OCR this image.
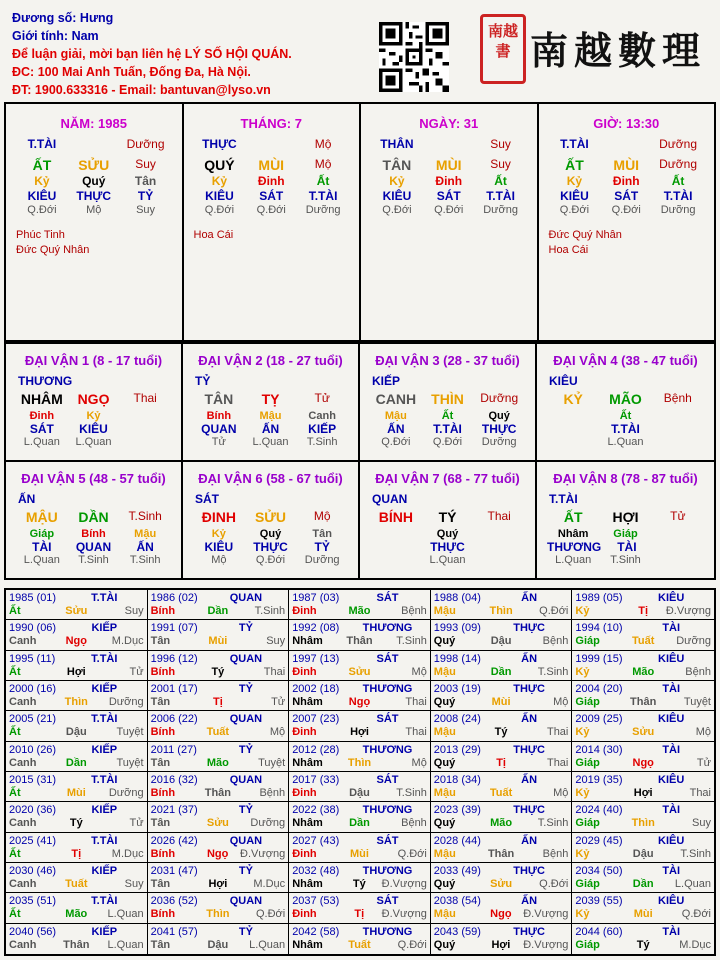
Đương số: Hưng
Giới tính: Nam
Để luận giải, mời bạn liên hệ LÝ SỐ HỘI QUÁN.
ĐC: 100 Mai Anh Tuấn, Đống Đa, Hà Nội.
ĐT: 1900.633316 - Email: bantuvan@lyso.vn
南越書 南越數理
NĂM: 1985
T.TÀI	Dưỡng
ẤT	SỬU	Suy
Kỷ	Quý	Tân
KIÊU	THỰC	TỶ
Q.Đới	Mộ	Suy
Phúc Tinh
Đức Quý Nhân
THÁNG: 7
THỰC	Mộ
QUÝ	MÙI	Mộ
Kỷ	Đinh	Ất
KIÊU	SÁT	T.TÀI
Q.Đới	Q.Đới	Dưỡng
Hoa Cái
NGÀY: 31
THÂN	Suy
TÂN	MÙI	Suy
Kỷ	Đinh	Ất
KIÊU	SÁT	T.TÀI
Q.Đới	Q.Đới	Dưỡng
GIỜ: 13:30
T.TÀI	Dưỡng
ẤT	MÙI	Dưỡng
Kỷ	Đinh	Ất
KIÊU	SÁT	T.TÀI
Q.Đới	Q.Đới	Dưỡng
Đức Quý Nhân
Hoa Cái
ĐẠI VẬN 1 (8 - 17 tuổi)
THƯƠNG
NHÂM	NGỌ	Thai
Đinh	Kỷ
SÁT	KIÊU
L.Quan	L.Quan
ĐẠI VẬN 2 (18 - 27 tuổi)
TỶ
TÂN	TỴ	Tử
Bính	Mậu	Canh
QUAN	ẤN	KIẾP
Tử	L.Quan	T.Sinh
ĐẠI VẬN 3 (28 - 37 tuổi)
KIẾP
CANH	THÌN	Dưỡng
Mậu	Ất	Quý
ẤN	T.TÀI	THỰC
Q.Đới	Q.Đới	Dưỡng
ĐẠI VẬN 4 (38 - 47 tuổi)
KIÊU
KỶ	MÃO	Bệnh
Ất
T.TÀI
L.Quan
ĐẠI VẬN 5 (48 - 57 tuổi)
ẤN
MẬU	DẦN	T.Sinh
Giáp	Bính	Mậu
TÀI	QUAN	ẤN
L.Quan	T.Sinh	T.Sinh
ĐẠI VẬN 6 (58 - 67 tuổi)
SÁT
ĐINH	SỬU	Mộ
Kỷ	Quý	Tân
KIÊU	THỰC	TỶ
Mộ	Q.Đới	Dưỡng
ĐẠI VẬN 7 (68 - 77 tuổi)
QUAN
BÍNH	TÝ	Thai
Quý
THỰC
L.Quan
ĐẠI VẬN 8 (78 - 87 tuổi)
T.TÀI
ẤT	HỢI	Tử
Nhâm	Giáp
THƯƠNG	TÀI
L.Quan	T.Sinh
1985 (01)	T.TÀI
Ất	Sửu	Suy
1986 (02)	QUAN
Bính	Dần	T.Sinh
1987 (03)	SÁT
Đinh	Mão	Bệnh
1988 (04)	ẤN
Mậu	Thìn	Q.Đới
1989 (05)	KIÊU
Kỷ	Tị	Đ.Vượng
1990 (06)	KIẾP
Canh	Ngọ	M.Dục
1991 (07)	TỶ
Tân	Mùi	Suy
1992 (08)	THƯƠNG
Nhâm	Thân	T.Sinh
1993 (09)	THỰC
Quý	Dậu	Bệnh
1994 (10)	TÀI
Giáp	Tuất	Dưỡng
1995 (11)	T.TÀI
Ất	Hợi	Tử
1996 (12)	QUAN
Bính	Tý	Thai
1997 (13)	SÁT
Đinh	Sửu	Mộ
1998 (14)	ẤN
Mậu	Dần	T.Sinh
1999 (15)	KIÊU
Kỷ	Mão	Bệnh
2000 (16)	KIẾP
Canh	Thìn	Dưỡng
2001 (17)	TỶ
Tân	Tị	Tử
2002 (18)	THƯƠNG
Nhâm	Ngọ	Thai
2003 (19)	THỰC
Quý	Mùi	Mộ
2004 (20)	TÀI
Giáp	Thân	Tuyệt
2005 (21)	T.TÀI
Ất	Dậu	Tuyệt
2006 (22)	QUAN
Bính	Tuất	Mộ
2007 (23)	SÁT
Đinh	Hợi	Thai
2008 (24)	ẤN
Mậu	Tý	Thai
2009 (25)	KIÊU
Kỷ	Sửu	Mộ
2010 (26)	KIẾP
Canh	Dần	Tuyệt
2011 (27)	TỶ
Tân	Mão	Tuyệt
2012 (28)	THƯƠNG
Nhâm	Thìn	Mộ
2013 (29)	THỰC
Quý	Tị	Thai
2014 (30)	TÀI
Giáp	Ngọ	Tử
2015 (31)	T.TÀI
Ất	Mùi	Dưỡng
2016 (32)	QUAN
Bính	Thân	Bệnh
2017 (33)	SÁT
Đinh	Dậu	T.Sinh
2018 (34)	ẤN
Mậu	Tuất	Mộ
2019 (35)	KIÊU
Kỷ	Hợi	Thai
2020 (36)	KIẾP
Canh	Tý	Tử
2021 (37)	TỶ
Tân	Sửu	Dưỡng
2022 (38)	THƯƠNG
Nhâm	Dần	Bệnh
2023 (39)	THỰC
Quý	Mão	T.Sinh
2024 (40)	TÀI
Giáp	Thìn	Suy
2025 (41)	T.TÀI
Ất	Tị	M.Dục
2026 (42)	QUAN
Bính	Ngọ	Đ.Vượng
2027 (43)	SÁT
Đinh	Mùi	Q.Đới
2028 (44)	ẤN
Mậu	Thân	Bệnh
2029 (45)	KIÊU
Kỷ	Dậu	T.Sinh
2030 (46)	KIẾP
Canh	Tuất	Suy
2031 (47)	TỶ
Tân	Hợi	M.Dục
2032 (48)	THƯƠNG
Nhâm	Tý	Đ.Vượng
2033 (49)	THỰC
Quý	Sửu	Q.Đới
2034 (50)	TÀI
Giáp	Dần	L.Quan
2035 (51)	T.TÀI
Ất	Mão	L.Quan
2036 (52)	QUAN
Bính	Thìn	Q.Đới
2037 (53)	SÁT
Đinh	Tị	Đ.Vượng
2038 (54)	ẤN
Mậu	Ngọ	Đ.Vượng
2039 (55)	KIÊU
Kỷ	Mùi	Q.Đới
2040 (56)	KIẾP
Canh	Thân	L.Quan
2041 (57)	TỶ
Tân	Dậu	L.Quan
2042 (58)	THƯƠNG
Nhâm	Tuất	Q.Đới
2043 (59)	THỰC
Quý	Hợi	Đ.Vượng
2044 (60)	TÀI
Giáp	Tý	M.Dục
